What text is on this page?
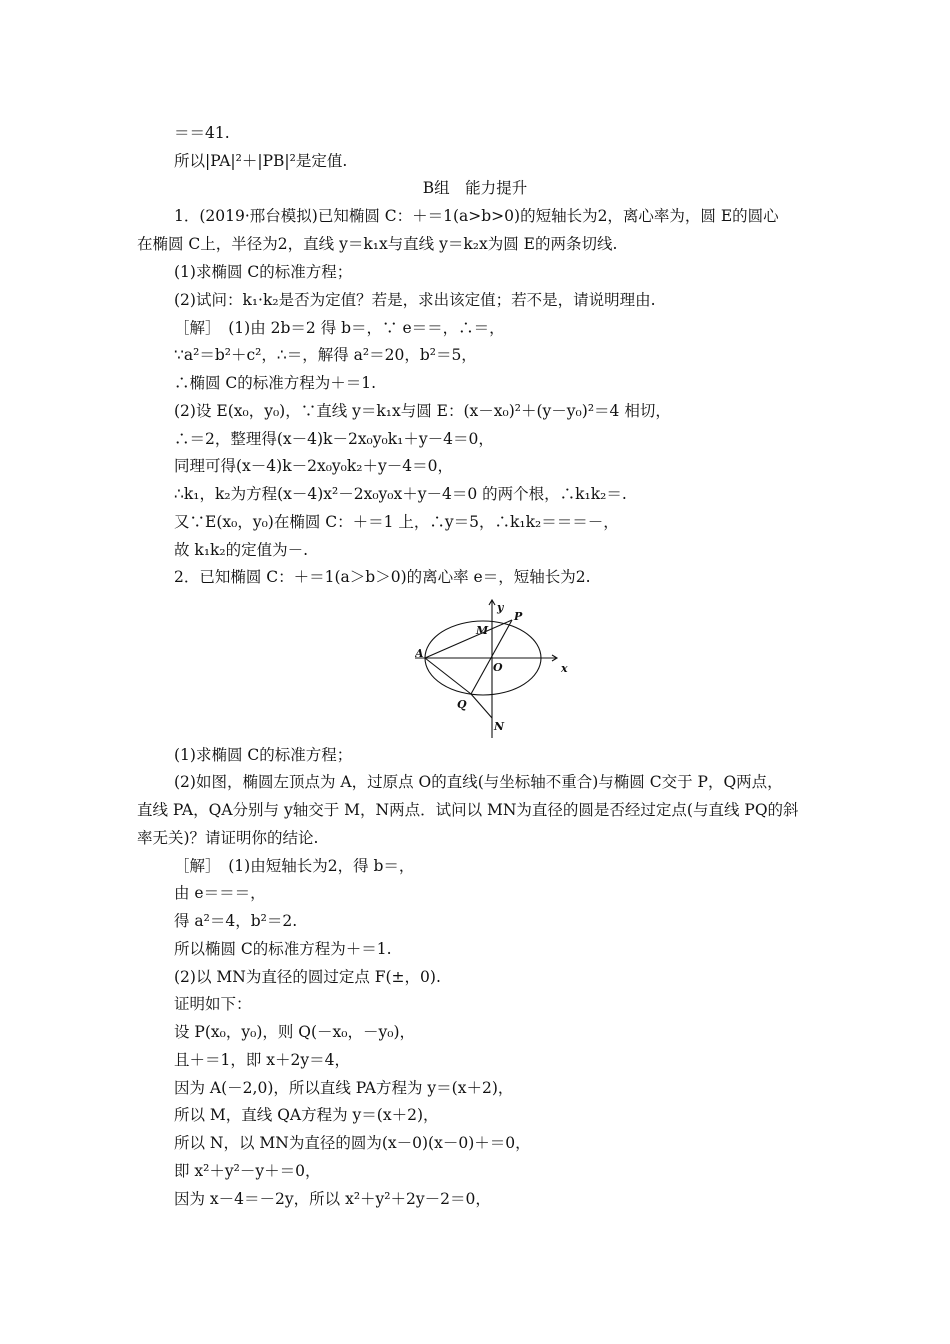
＝＝41.
所以|PA|²＋|PB|²是定值.
B组　能力提升
1．(2019·邢台模拟)已知椭圆 C：＋＝1(a>b>0)的短轴长为2，离心率为，圆 E的圆心
在椭圆 C上，半径为2，直线 y＝k₁x与直线 y＝k₂x为圆 E的两条切线.
(1)求椭圆 C的标准方程；
(2)试问：k₁·k₂是否为定值？若是，求出该定值；若不是，请说明理由.
［解］　(1)由 2b＝2 得 b＝，∵ e＝＝，∴＝，
∵a²＝b²＋c²，∴＝，解得 a²＝20，b²＝5，
∴椭圆 C的标准方程为＋＝1.
(2)设 E(x₀，y₀)，∵直线 y＝k₁x与圆 E：(x－x₀)²＋(y－y₀)²＝4 相切，
∴＝2，整理得(x－4)k－2x₀y₀k₁＋y－4＝0，
同理可得(x－4)k－2x₀y₀k₂＋y－4＝0，
∴k₁，k₂为方程(x－4)x²－2x₀y₀x＋y－4＝0 的两个根，∴k₁k₂＝.
又∵E(x₀，y₀)在椭圆 C：＋＝1 上，∴y＝5，∴k₁k₂＝＝＝－，
故 k₁k₂的定值为－.
2．已知椭圆 C：＋＝1(a＞b＞0)的离心率 e＝，短轴长为2.
y
x
P
M
A
O
Q
N
(1)求椭圆 C的标准方程；
(2)如图，椭圆左顶点为 A，过原点 O的直线(与坐标轴不重合)与椭圆 C交于 P，Q两点，
直线 PA，QA分别与 y轴交于 M，N两点．试问以 MN为直径的圆是否经过定点(与直线 PQ的斜
率无关)？请证明你的结论.
［解］　(1)由短轴长为2，得 b＝，
由 e＝＝＝，
得 a²＝4，b²＝2.
所以椭圆 C的标准方程为＋＝1.
(2)以 MN为直径的圆过定点 F(±，0).
证明如下：
设 P(x₀，y₀)，则 Q(－x₀，－y₀)，
且＋＝1，即 x＋2y＝4，
因为 A(－2,0)，所以直线 PA方程为 y＝(x＋2)，
所以 M，直线 QA方程为 y＝(x＋2)，
所以 N，以 MN为直径的圆为(x－0)(x－0)＋＝0，
即 x²＋y²－y＋＝0，
因为 x－4＝－2y，所以 x²＋y²＋2y－2＝0，
